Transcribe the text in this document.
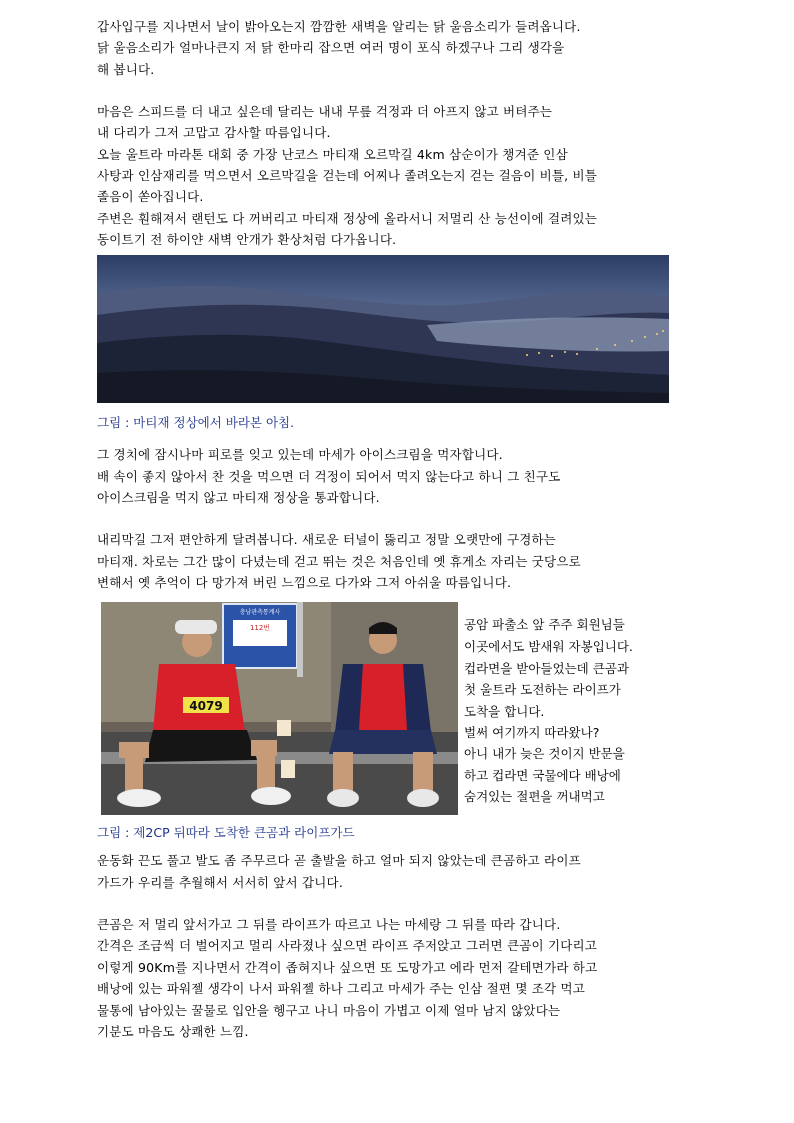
갑사입구를 지나면서 날이 밝아오는지 깜깜한 새벽을 알리는 닭 울음소리가 들려옵니다.
닭 울음소리가 얼마나큰지 저 닭 한마리 잡으면 여러 명이 포식 하겠구나 그리 생각을
해 봅니다.
마음은 스피드를 더 내고 싶은데 달리는 내내 무릎 걱정과 더 아프지 않고 버텨주는
내 다리가 그저 고맙고 감사할 따름입니다.
오늘 울트라 마라톤 대회 중 가장 난코스 마티재 오르막길 4km 삼순이가 챙겨준 인삼
사탕과 인삼재리를 먹으면서 오르막길을 걷는데 어찌나 졸려오는지 걷는 걸음이 비틀, 비틀
졸음이 쏟아집니다.
주변은 훤해져서 랜턴도 다 꺼버리고 마티재 정상에 올라서니 저멀리 산 능선이에 걸려있는
동이트기 전 하이얀 새벽 안개가 환상처럼 다가옵니다.
그림 : 마티재 정상에서 바라본 아침.
그 경치에 잠시나마 피로를 잊고 있는데 마세가 아이스크림을 먹자합니다.
배 속이 좋지 않아서 찬 것을 먹으면 더 걱정이 되어서 먹지 않는다고 하니 그 친구도
아이스크림을 먹지 않고 마티재 정상을 통과합니다.
내리막길 그저 편안하게 달려봅니다. 새로운 터널이 뚫리고 정말 오랫만에 구경하는
마티재. 차로는 그간 많이 다녔는데 걷고 뛰는 것은 처음인데 옛 휴게소 자리는 굿당으로
변해서 옛 추억이 다 망가져 버린 느낌으로 다가와 그저 아쉬울 따름입니다.
충남관측통계사
112번
4079
공암 파출소 앞 주주 회원님들
이곳에서도 밤새워 자봉입니다.
컵라면을 받아들었는데 큰곰과
첫 울트라 도전하는 라이프가
도착을 합니다.
벌써 여기까지 따라왔나?
아니 내가 늦은 것이지 반문을
하고 컵라면 국물에다 배낭에
숨겨있는 절편을 꺼내먹고
그림 : 제2CP 뒤따라 도착한 큰곰과 라이프가드
운동화 끈도 풀고 발도 좀 주무르다 곧 출발을 하고 얼마 되지 않았는데 큰곰하고 라이프
가드가 우리를 추월해서 서서히 앞서 갑니다.
큰곰은 저 멀리 앞서가고 그 뒤를 라이프가 따르고 나는 마세랑 그 뒤를 따라 갑니다.
간격은 조금씩 더 벌어지고 멀리 사라졌나 싶으면 라이프 주저앉고 그러면 큰곰이 기다리고
이렇게 90Km를 지나면서 간격이 좁혀지나 싶으면 또 도망가고 에라 먼저 갈테면가라 하고
배낭에 있는 파워젤 생각이 나서 파워젤 하나 그리고 마세가 주는 인삼 절편 몇 조각 먹고
물통에 남아있는 꿀물로 입안을 헹구고 나니 마음이 가볍고 이제 얼마 남지 않았다는
기분도 마음도 상쾌한 느낌.
